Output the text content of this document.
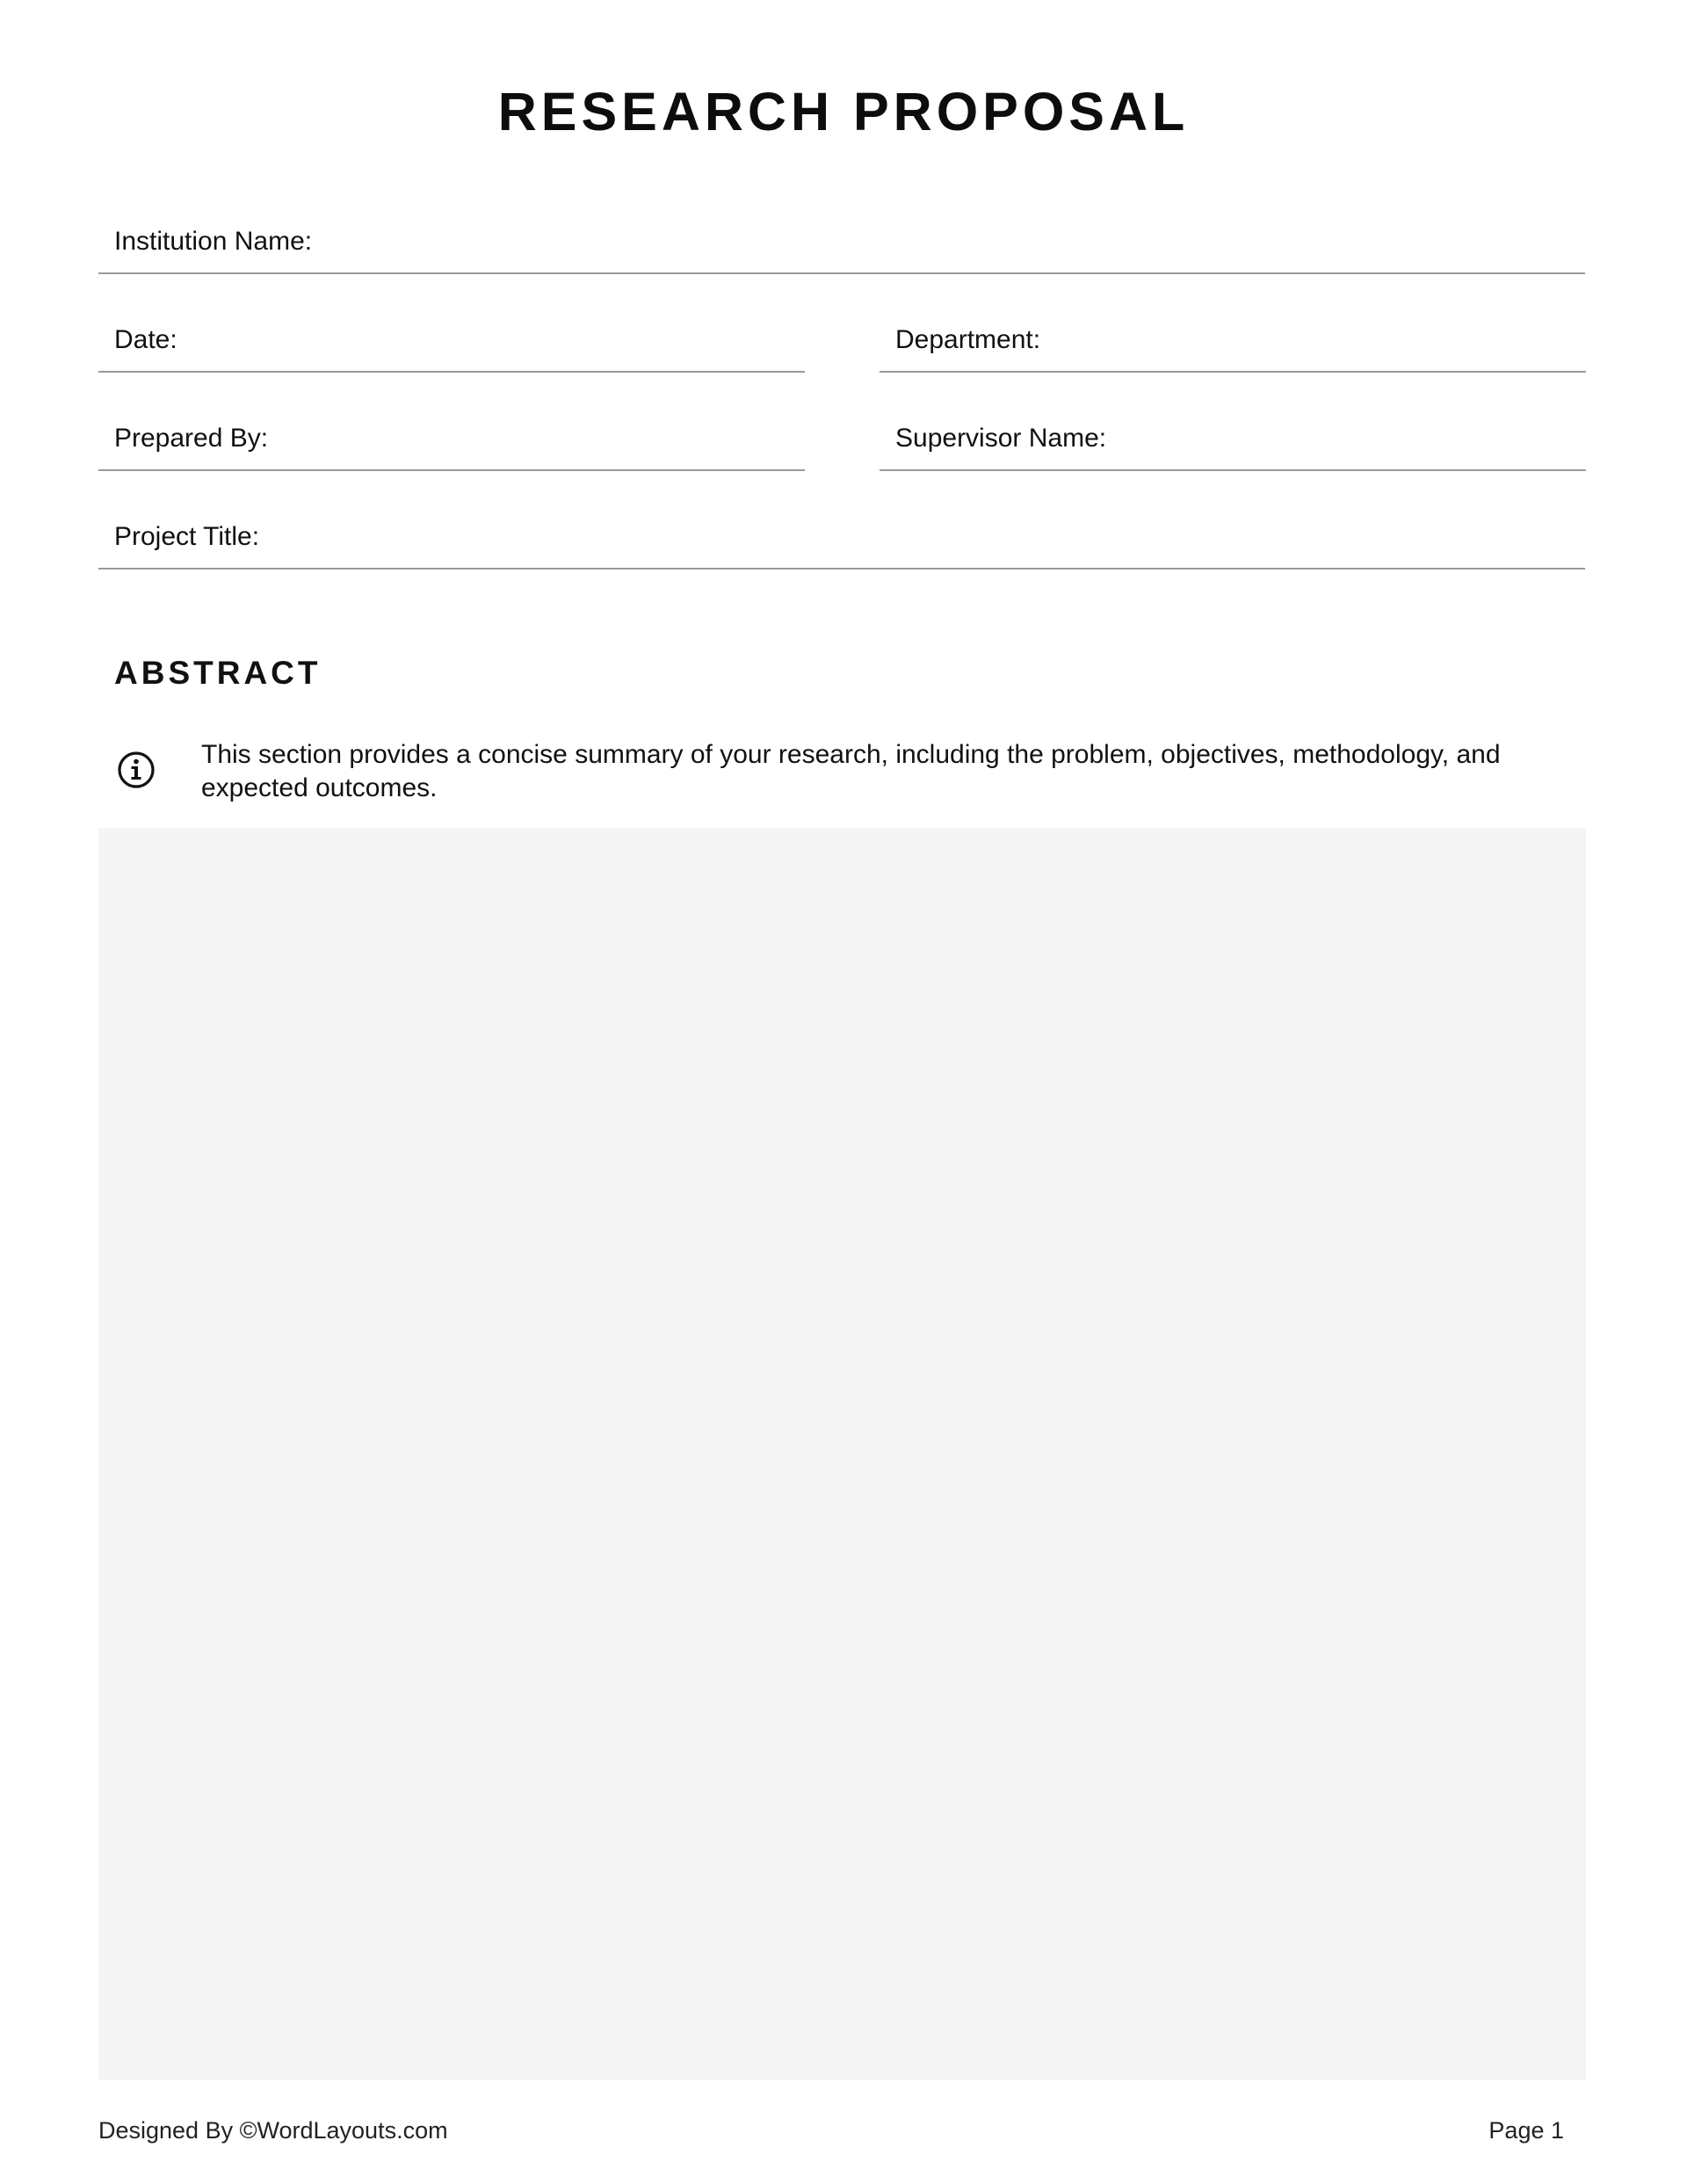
RESEARCH PROPOSAL
Institution Name:
Date:	Department:
Prepared By:	Supervisor Name:
Project Title:
ABSTRACT

This section provides a concise summary of your research, including the problem, objectives, methodology, and expected outcomes.

Designed By ©WordLayouts.com	Page 1
